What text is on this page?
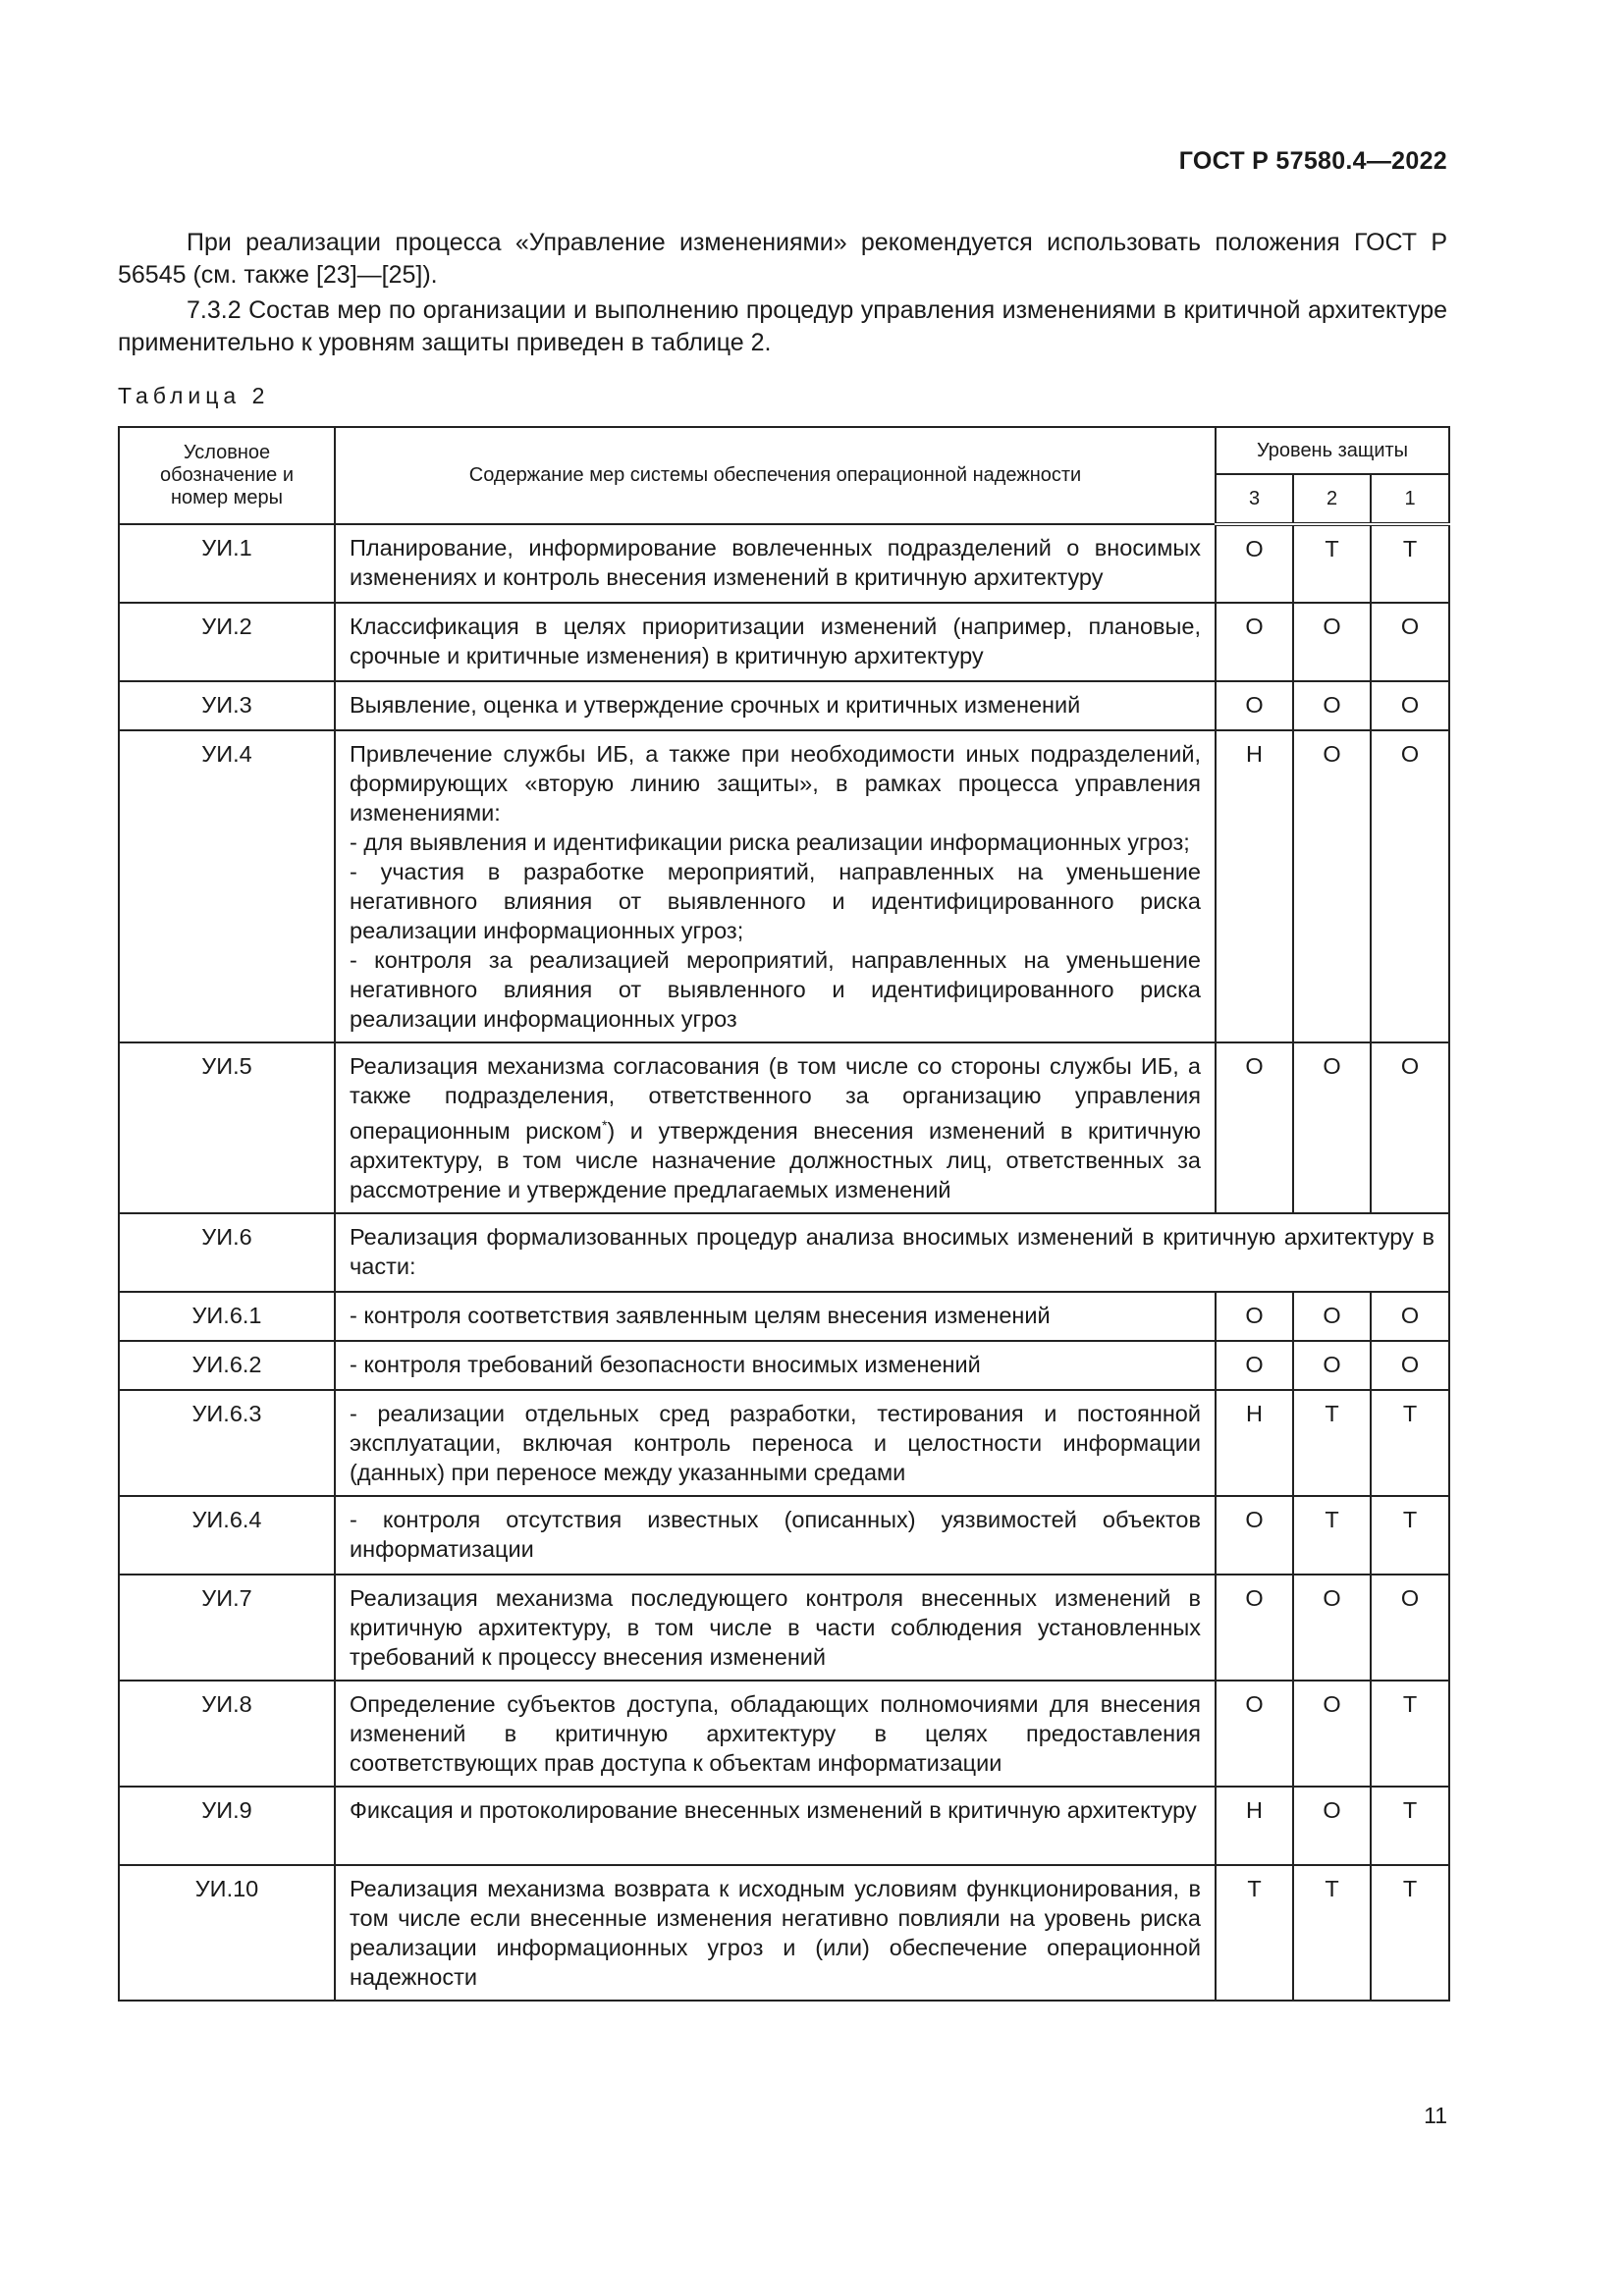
ГОСТ Р 57580.4—2022

При реализации процесса «Управление изменениями» рекомендуется использовать положения ГОСТ Р 56545 (см. также [23]—[25]).

7.3.2 Состав мер по организации и выполнению процедур управления изменениями в критичной архитектуре применительно к уровням защиты приведен в таблице 2.

Таблица 2
Условное обозначение и номер меры	Содержание мер системы обеспечения операционной надежности	Уровень защиты		
		3	2	1
УИ.1	Планирование, информирование вовлеченных подразделений о вносимых изменениях и контроль внесения изменений в критичную архитектуру	О	Т	Т
УИ.2	Классификация в целях приоритизации изменений (например, плановые, срочные и критичные изменения) в критичную архитектуру	О	О	О
УИ.3	Выявление, оценка и утверждение срочных и критичных изменений	О	О	О
УИ.4	Привлечение службы ИБ, а также при необходимости иных подразделений, формирующих «вторую линию защиты», в рамках процесса управления изменениями:
- для выявления и идентификации риска реализации информационных угроз;
- участия в разработке мероприятий, направленных на уменьшение негативного влияния от выявленного и идентифицированного риска реализации информационных угроз;
- контроля за реализацией мероприятий, направленных на уменьшение негативного влияния от выявленного и идентифицированного риска реализации информационных угроз	Н	О	О
УИ.5	Реализация механизма согласования (в том числе со стороны службы ИБ, а также подразделения, ответственного за организацию управления операционным риском*) и утверждения внесения изменений в критичную архитектуру, в том числе назначение должностных лиц, ответственных за рассмотрение и утверждение предлагаемых изменений	О	О	О
УИ.6	Реализация формализованных процедур анализа вносимых изменений в критичную архитектуру в части:			
УИ.6.1	- контроля соответствия заявленным целям внесения изменений	О	О	О
УИ.6.2	- контроля требований безопасности вносимых изменений	О	О	О
УИ.6.3	- реализации отдельных сред разработки, тестирования и постоянной эксплуатации, включая контроль переноса и целостности информации (данных) при переносе между указанными средами	Н	Т	Т
УИ.6.4	- контроля отсутствия известных (описанных) уязвимостей объектов информатизации	О	Т	Т
УИ.7	Реализация механизма последующего контроля внесенных изменений в критичную архитектуру, в том числе в части соблюдения установленных требований к процессу внесения изменений	О	О	О
УИ.8	Определение субъектов доступа, обладающих полномочиями для внесения изменений в критичную архитектуру в целях предоставления соответствующих прав доступа к объектам информатизации	О	О	Т
УИ.9	Фиксация и протоколирование внесенных изменений в критичную архитектуру	Н	О	Т
УИ.10	Реализация механизма возврата к исходным условиям функционирования, в том числе если внесенные изменения негативно повлияли на уровень риска реализации информационных угроз и (или) обеспечение операционной надежности	Т	Т	Т
11
